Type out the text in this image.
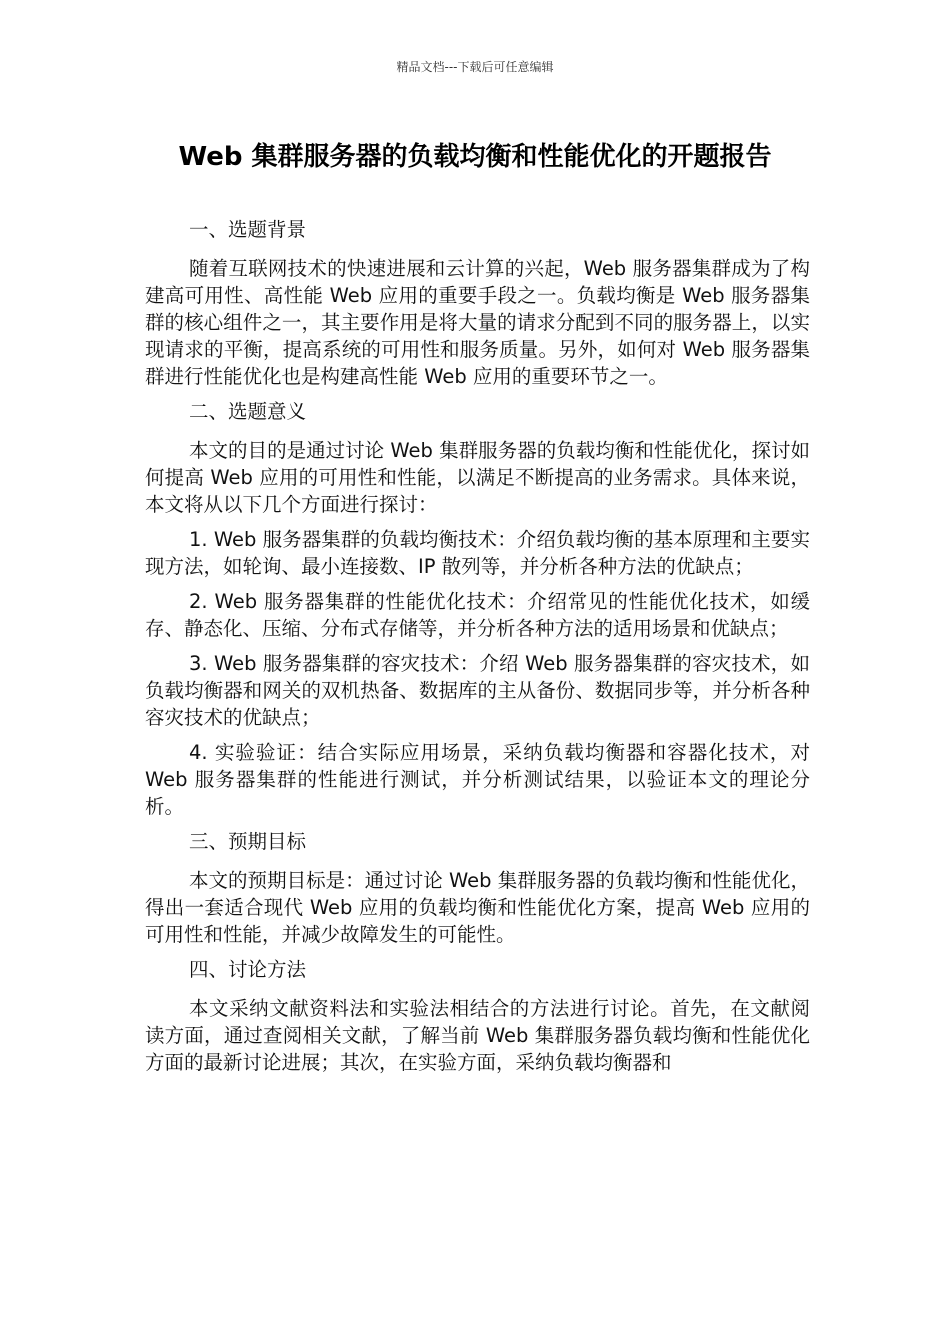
精品文档---下载后可任意编辑
Web 集群服务器的负载均衡和性能优化的开题报告

一、选题背景

随着互联网技术的快速进展和云计算的兴起，Web 服务器集群成为了构建高可用性、高性能 Web 应用的重要手段之一。负载均衡是 Web 服务器集群的核心组件之一，其主要作用是将大量的请求分配到不同的服务器上，以实现请求的平衡，提高系统的可用性和服务质量。另外，如何对 Web 服务器集群进行性能优化也是构建高性能 Web 应用的重要环节之一。

二、选题意义

本文的目的是通过讨论 Web 集群服务器的负载均衡和性能优化，探讨如何提高 Web 应用的可用性和性能，以满足不断提高的业务需求。具体来说，本文将从以下几个方面进行探讨：

1. Web 服务器集群的负载均衡技术：介绍负载均衡的基本原理和主要实现方法，如轮询、最小连接数、IP 散列等，并分析各种方法的优缺点；

2. Web 服务器集群的性能优化技术：介绍常见的性能优化技术，如缓存、静态化、压缩、分布式存储等，并分析各种方法的适用场景和优缺点；

3. Web 服务器集群的容灾技术：介绍 Web 服务器集群的容灾技术，如负载均衡器和网关的双机热备、数据库的主从备份、数据同步等，并分析各种容灾技术的优缺点；

4. 实验验证：结合实际应用场景，采纳负载均衡器和容器化技术，对 Web 服务器集群的性能进行测试，并分析测试结果，以验证本文的理论分析。

三、预期目标

本文的预期目标是：通过讨论 Web 集群服务器的负载均衡和性能优化，得出一套适合现代 Web 应用的负载均衡和性能优化方案，提高 Web 应用的可用性和性能，并减少故障发生的可能性。

四、讨论方法

本文采纳文献资料法和实验法相结合的方法进行讨论。首先，在文献阅读方面，通过查阅相关文献，了解当前 Web 集群服务器负载均衡和性能优化方面的最新讨论进展；其次，在实验方面，采纳负载均衡器和
